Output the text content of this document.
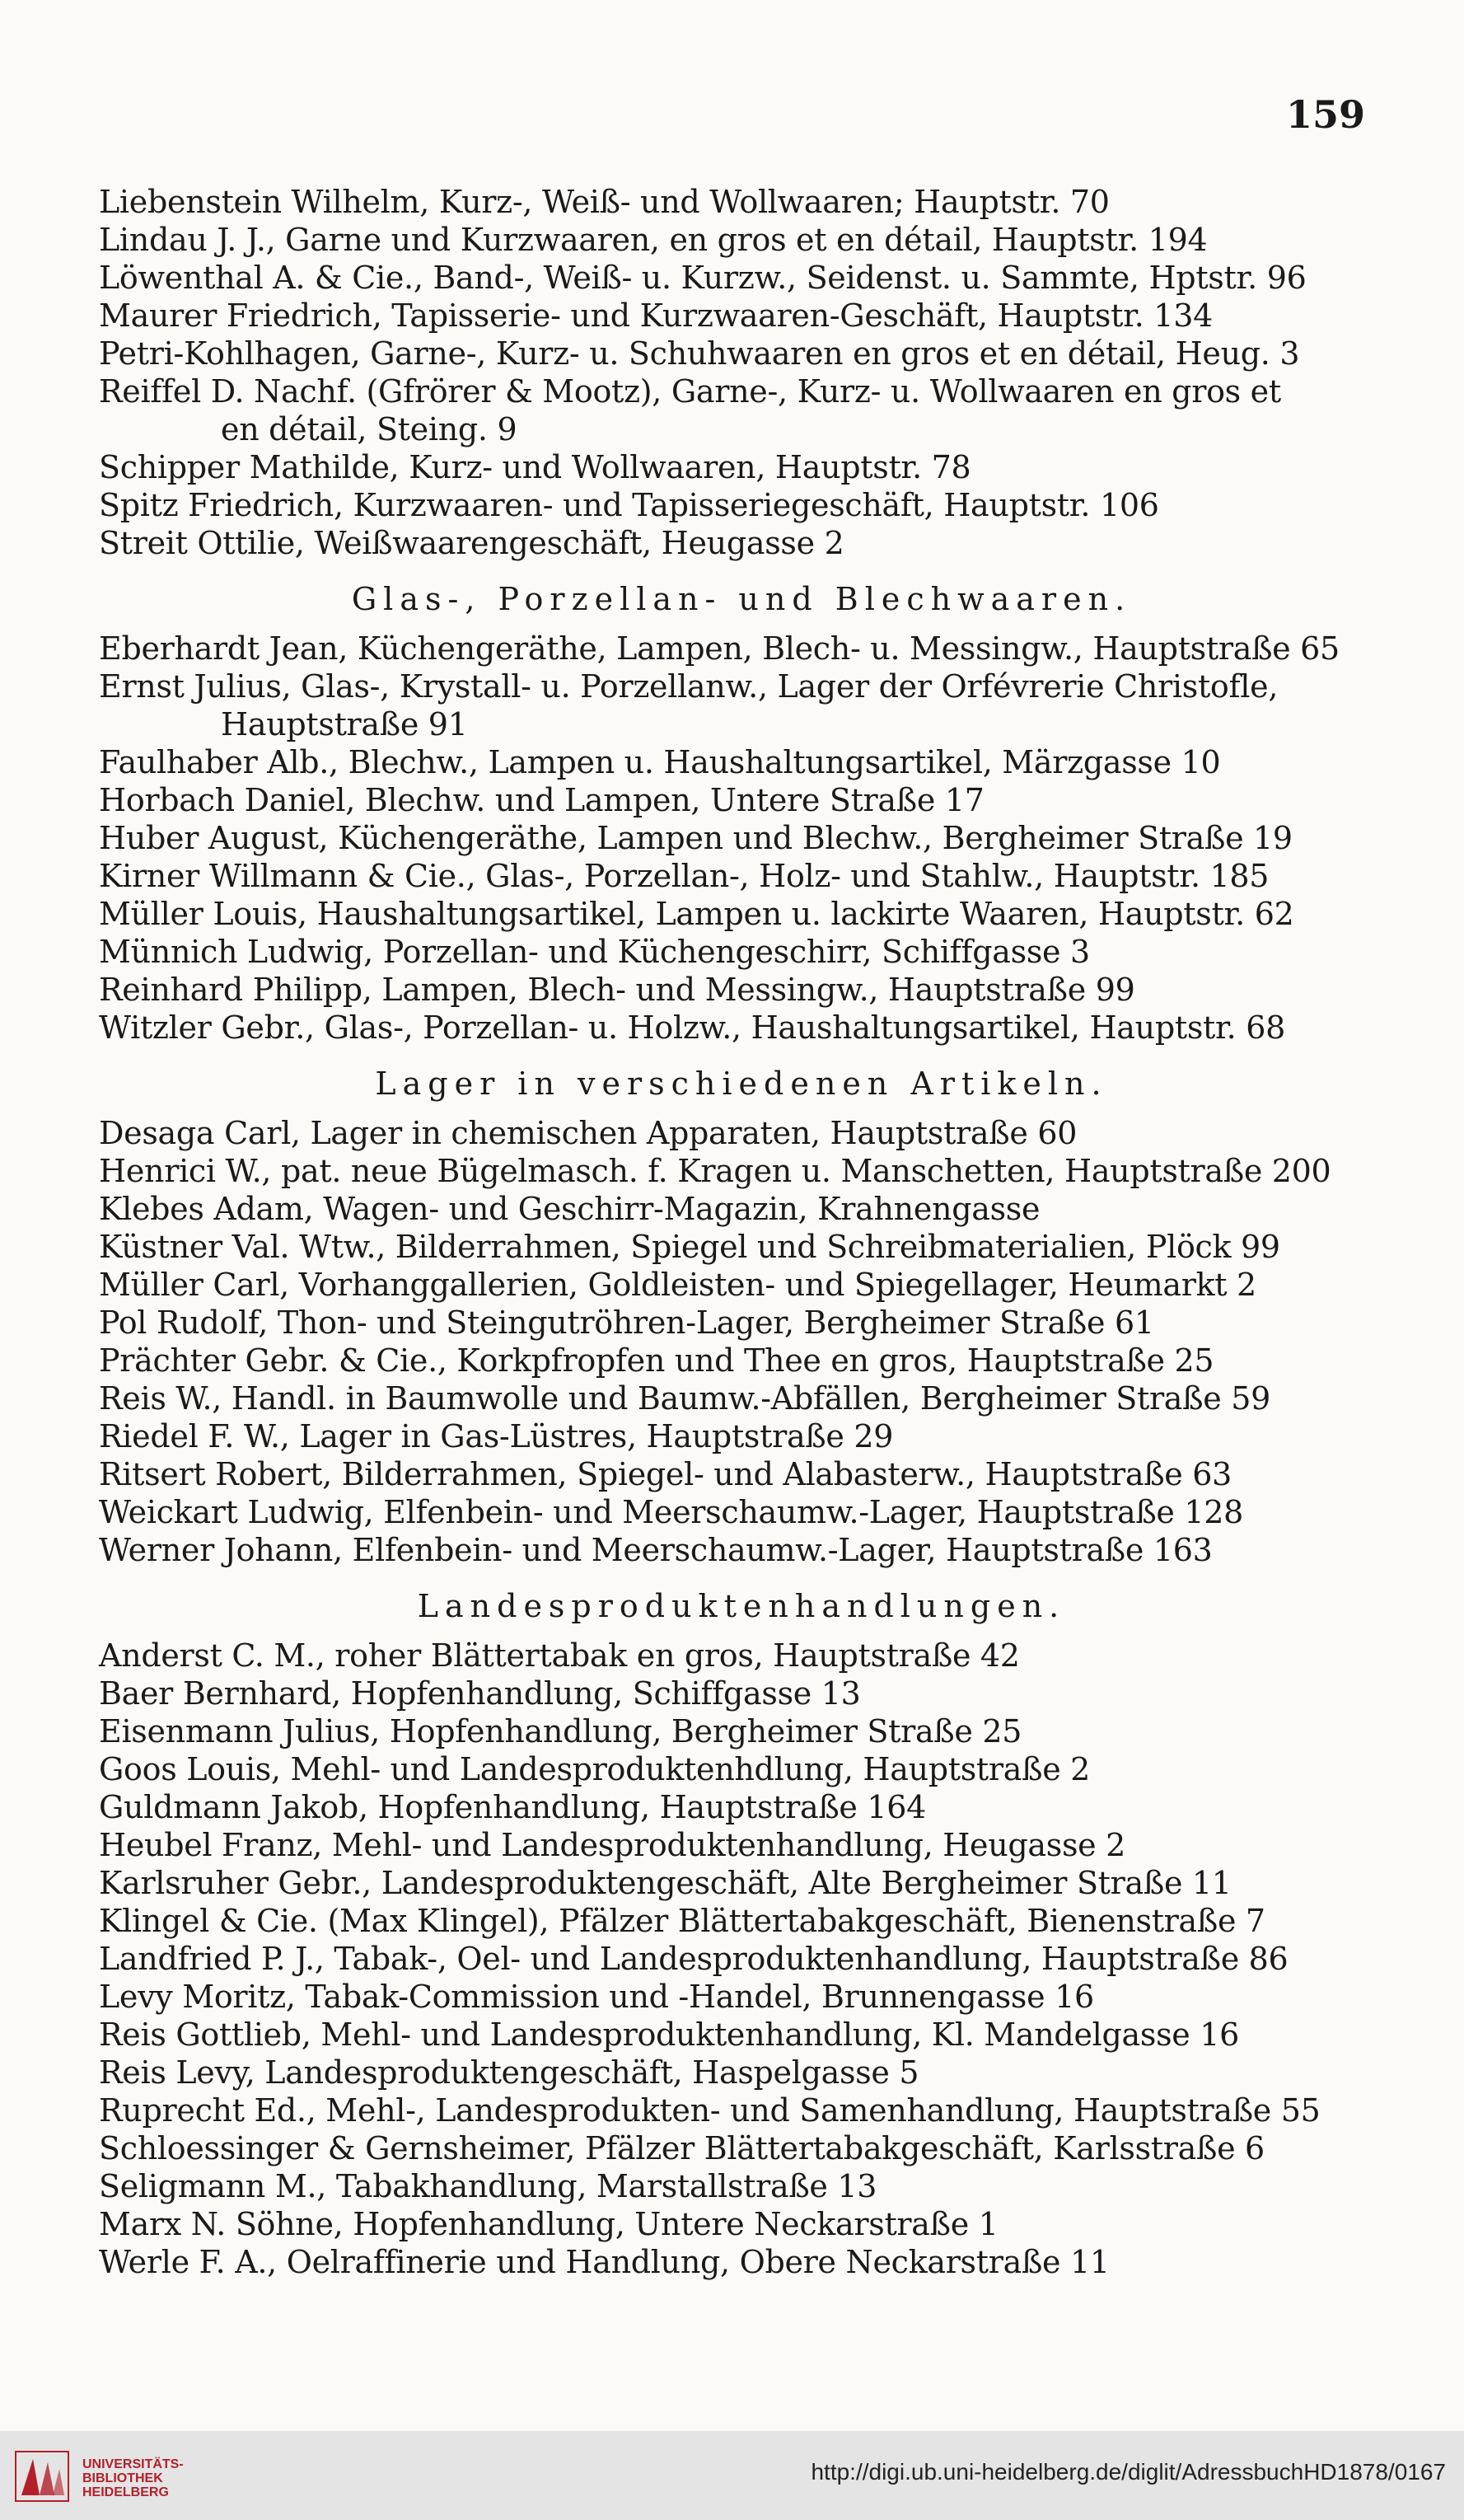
159
Liebenstein Wilhelm, Kurz-, Weiß- und Wollwaaren; Hauptstr. 70
Lindau J. J., Garne und Kurzwaaren, en gros et en détail, Hauptstr. 194
Löwenthal A. & Cie., Band-, Weiß- u. Kurzw., Seidenst. u. Sammte, Hptstr. 96
Maurer Friedrich, Tapisserie- und Kurzwaaren-Geschäft, Hauptstr. 134
Petri-Kohlhagen, Garne-, Kurz- u. Schuhwaaren en gros et en détail, Heug. 3
Reiffel D. Nachf. (Gfrörer & Mootz), Garne-, Kurz- u. Wollwaaren en gros et
en détail, Steing. 9
Schipper Mathilde, Kurz- und Wollwaaren, Hauptstr. 78
Spitz Friedrich, Kurzwaaren- und Tapisseriegeschäft, Hauptstr. 106
Streit Ottilie, Weißwaarengeschäft, Heugasse 2
Glas-, Porzellan- und Blechwaaren.
Eberhardt Jean, Küchengeräthe, Lampen, Blech- u. Messingw., Hauptstraße 65
Ernst Julius, Glas-, Krystall- u. Porzellanw., Lager der Orfévrerie Christofle,
Hauptstraße 91
Faulhaber Alb., Blechw., Lampen u. Haushaltungsartikel, Märzgasse 10
Horbach Daniel, Blechw. und Lampen, Untere Straße 17
Huber August, Küchengeräthe, Lampen und Blechw., Bergheimer Straße 19
Kirner Willmann & Cie., Glas-, Porzellan-, Holz- und Stahlw., Hauptstr. 185
Müller Louis, Haushaltungsartikel, Lampen u. lackirte Waaren, Hauptstr. 62
Münnich Ludwig, Porzellan- und Küchengeschirr, Schiffgasse 3
Reinhard Philipp, Lampen, Blech- und Messingw., Hauptstraße 99
Witzler Gebr., Glas-, Porzellan- u. Holzw., Haushaltungsartikel, Hauptstr. 68
Lager in verschiedenen Artikeln.
Desaga Carl, Lager in chemischen Apparaten, Hauptstraße 60
Henrici W., pat. neue Bügelmasch. f. Kragen u. Manschetten, Hauptstraße 200
Klebes Adam, Wagen- und Geschirr-Magazin, Krahnengasse
Küstner Val. Wtw., Bilderrahmen, Spiegel und Schreibmaterialien, Plöck 99
Müller Carl, Vorhanggallerien, Goldleisten- und Spiegellager, Heumarkt 2
Pol Rudolf, Thon- und Steingutröhren-Lager, Bergheimer Straße 61
Prächter Gebr. & Cie., Korkpfropfen und Thee en gros, Hauptstraße 25
Reis W., Handl. in Baumwolle und Baumw.-Abfällen, Bergheimer Straße 59
Riedel F. W., Lager in Gas-Lüstres, Hauptstraße 29
Ritsert Robert, Bilderrahmen, Spiegel- und Alabasterw., Hauptstraße 63
Weickart Ludwig, Elfenbein- und Meerschaumw.-Lager, Hauptstraße 128
Werner Johann, Elfenbein- und Meerschaumw.-Lager, Hauptstraße 163
Landesproduktenhandlungen.
Anderst C. M., roher Blättertabak en gros, Hauptstraße 42
Baer Bernhard, Hopfenhandlung, Schiffgasse 13
Eisenmann Julius, Hopfenhandlung, Bergheimer Straße 25
Goos Louis, Mehl- und Landesproduktenhdlung, Hauptstraße 2
Guldmann Jakob, Hopfenhandlung, Hauptstraße 164
Heubel Franz, Mehl- und Landesproduktenhandlung, Heugasse 2
Karlsruher Gebr., Landesproduktengeschäft, Alte Bergheimer Straße 11
Klingel & Cie. (Max Klingel), Pfälzer Blättertabakgeschäft, Bienenstraße 7
Landfried P. J., Tabak-, Oel- und Landesproduktenhandlung, Hauptstraße 86
Levy Moritz, Tabak-Commission und -Handel, Brunnengasse 16
Reis Gottlieb, Mehl- und Landesproduktenhandlung, Kl. Mandelgasse 16
Reis Levy, Landesproduktengeschäft, Haspelgasse 5
Ruprecht Ed., Mehl-, Landesprodukten- und Samenhandlung, Hauptstraße 55
Schloessinger & Gernsheimer, Pfälzer Blättertabakgeschäft, Karlsstraße 6
Seligmann M., Tabakhandlung, Marstallstraße 13
Marx N. Söhne, Hopfenhandlung, Untere Neckarstraße 1
Werle F. A., Oelraffinerie und Handlung, Obere Neckarstraße 11
UNIVERSITÄTS-
BIBLIOTHEK
HEIDELBERG
http://digi.ub.uni-heidelberg.de/diglit/AdressbuchHD1878/0167
